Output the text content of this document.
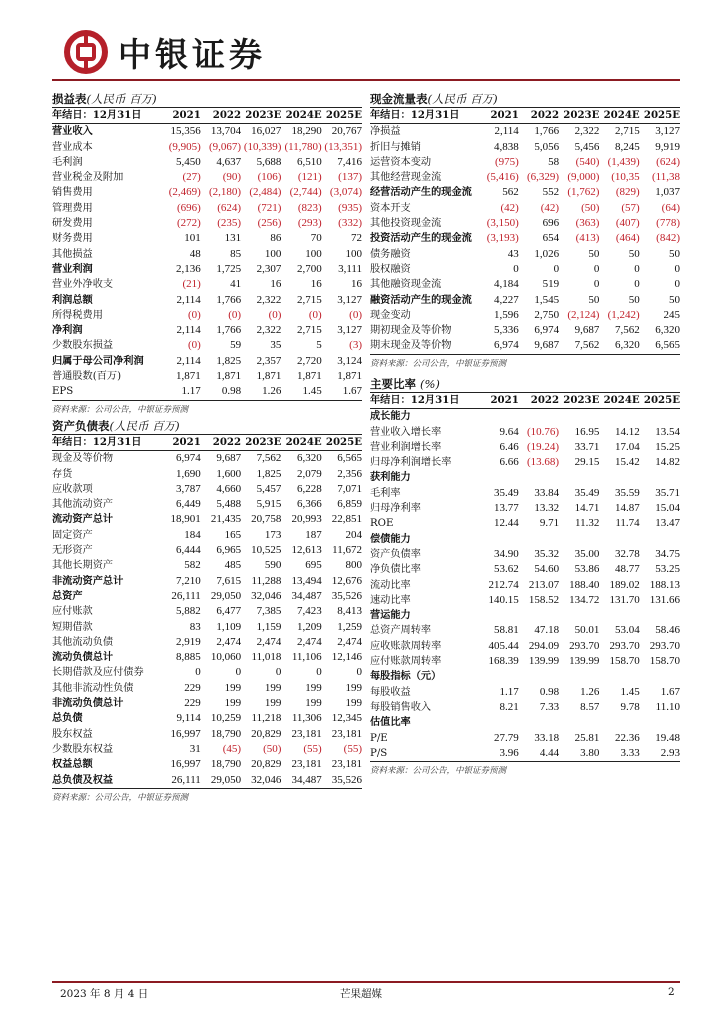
中银证券
损益表(人民币 百万)
年结日：12月31日	2021	2022	2023E	2024E	2025E
营业收入	15,356	13,704	16,027	18,290	20,767
营业成本	(9,905)	(9,067)	(10,339)	(11,780)	(13,351)
毛利润	5,450	4,637	5,688	6,510	7,416
营业税金及附加	(27)	(90)	(106)	(121)	(137)
销售费用	(2,469)	(2,180)	(2,484)	(2,744)	(3,074)
管理费用	(696)	(624)	(721)	(823)	(935)
研发费用	(272)	(235)	(256)	(293)	(332)
财务费用	101	131	86	70	72
其他损益	48	85	100	100	100
营业利润	2,136	1,725	2,307	2,700	3,111
营业外净收支	(21)	41	16	16	16
利润总额	2,114	1,766	2,322	2,715	3,127
所得税费用	(0)	(0)	(0)	(0)	(0)
净利润	2,114	1,766	2,322	2,715	3,127
少数股东损益	(0)	59	35	5	(3)
归属于母公司净利润	2,114	1,825	2,357	2,720	3,124
普通股数(百万)	1,871	1,871	1,871	1,871	1,871
EPS	1.17	0.98	1.26	1.45	1.67
资料来源：公司公告，中银证券预测
资产负债表(人民币 百万)
年结日：12月31日	2021	2022	2023E	2024E	2025E
现金及等价物	6,974	9,687	7,562	6,320	6,565
存货	1,690	1,600	1,825	2,079	2,356
应收款项	3,787	4,660	5,457	6,228	7,071
其他流动资产	6,449	5,488	5,915	6,366	6,859
流动资产总计	18,901	21,435	20,758	20,993	22,851
固定资产	184	165	173	187	204
无形资产	6,444	6,965	10,525	12,613	11,672
其他长期资产	582	485	590	695	800
非流动资产总计	7,210	7,615	11,288	13,494	12,676
总资产	26,111	29,050	32,046	34,487	35,526
应付账款	5,882	6,477	7,385	7,423	8,413
短期借款	83	1,109	1,159	1,209	1,259
其他流动负债	2,919	2,474	2,474	2,474	2,474
流动负债总计	8,885	10,060	11,018	11,106	12,146
长期借款及应付债券	0	0	0	0	0
其他非流动性负债	229	199	199	199	199
非流动负债总计	229	199	199	199	199
总负债	9,114	10,259	11,218	11,306	12,345
股东权益	16,997	18,790	20,829	23,181	23,181
少数股东权益	31	(45)	(50)	(55)	(55)
权益总额	16,997	18,790	20,829	23,181	23,181
总负债及权益	26,111	29,050	32,046	34,487	35,526
资料来源：公司公告，中银证券预测
现金流量表(人民币 百万)
年结日：12月31日	2021	2022	2023E	2024E	2025E
净损益	2,114	1,766	2,322	2,715	3,127
折旧与摊销	4,838	5,056	5,456	8,245	9,919
运营资本变动	(975)	58	(540)	(1,439)	(624)
其他经营现金流	(5,416)	(6,329)	(9,000)	(10,35	(11,38
经营活动产生的现金流	562	552	(1,762)	(829)	1,037
资本开支	(42)	(42)	(50)	(57)	(64)
其他投资现金流	(3,150)	696	(363)	(407)	(778)
投资活动产生的现金流	(3,193)	654	(413)	(464)	(842)
债务融资	43	1,026	50	50	50
股权融资	0	0	0	0	0
其他融资现金流	4,184	519	0	0	0
融资活动产生的现金流	4,227	1,545	50	50	50
现金变动	1,596	2,750	(2,124)	(1,242)	245
期初现金及等价物	5,336	6,974	9,687	7,562	6,320
期末现金及等价物	6,974	9,687	7,562	6,320	6,565
资料来源：公司公告，中银证券预测
主要比率 (%)
年结日：12月31日	2021	2022	2023E	2024E	2025E
成长能力					
营业收入增长率	9.64	(10.76)	16.95	14.12	13.54
营业利润增长率	6.46	(19.24)	33.71	17.04	15.25
归母净利润增长率	6.66	(13.68)	29.15	15.42	14.82
获利能力					
毛利率	35.49	33.84	35.49	35.59	35.71
归母净利率	13.77	13.32	14.71	14.87	15.04
ROE	12.44	9.71	11.32	11.74	13.47
偿债能力					
资产负债率	34.90	35.32	35.00	32.78	34.75
净负债比率	53.62	54.60	53.86	48.77	53.25
流动比率	212.74	213.07	188.40	189.02	188.13
速动比率	140.15	158.52	134.72	131.70	131.66
营运能力					
总资产周转率	58.81	47.18	50.01	53.04	58.46
应收账款周转率	405.44	294.09	293.70	293.70	293.70
应付账款周转率	168.39	139.99	139.99	158.70	158.70
每股指标（元）					
每股收益	1.17	0.98	1.26	1.45	1.67
每股销售收入	8.21	7.33	8.57	9.78	11.10
估值比率					
P/E	27.79	33.18	25.81	22.36	19.48
P/S	3.96	4.44	3.80	3.33	2.93
资料来源：公司公告，中银证券预测
2023 年 8 月 4 日	芒果超媒	2
